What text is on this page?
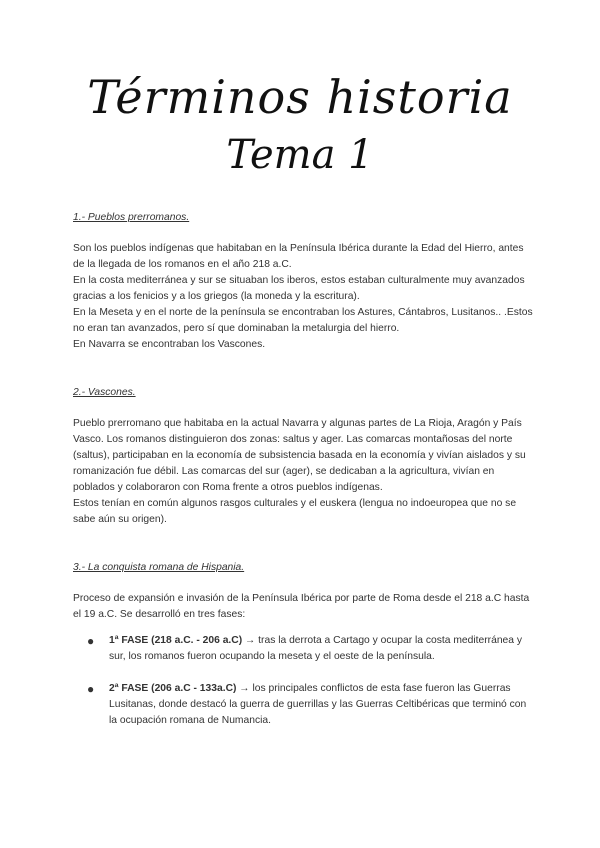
Términos historia
Tema 1

1.- Pueblos prerromanos.

Son los pueblos indígenas que habitaban en la Península Ibérica durante la Edad del Hierro, antes de la llegada de los romanos en el año 218 a.C.

En la costa mediterránea y sur se situaban los iberos, estos estaban culturalmente muy avanzados gracias a los fenicios y a los griegos (la moneda y la escritura).

En la Meseta y en el norte de la península se encontraban los Astures, Cántabros, Lusitanos.. .Estos no eran tan avanzados, pero sí que dominaban la metalurgia del hierro.

En Navarra se encontraban los Vascones.

2.- Vascones.

Pueblo prerromano que habitaba en la actual Navarra y algunas partes de La Rioja, Aragón y País Vasco. Los romanos distinguieron dos zonas: saltus y ager. Las comarcas montañosas del norte (saltus), participaban en la economía de subsistencia basada en la economía y vivían aislados y su romanización fue débil. Las comarcas del sur (ager), se dedicaban a la agricultura, vivían en poblados y colaboraron con Roma frente a otros pueblos indígenas.

Estos tenían en común algunos rasgos culturales y el euskera (lengua no indoeuropea que no se sabe aún su origen).

3.- La conquista romana de Hispania.

Proceso de expansión e invasión de la Península Ibérica por parte de Roma desde el 218 a.C hasta el 19 a.C. Se desarrolló en tres fases:

● 1ª FASE (218 a.C. - 206 a.C) → tras la derrota a Cartago y ocupar la costa mediterránea y sur, los romanos fueron ocupando la meseta y el oeste de la península.
● 2ª FASE (206 a.C - 133a.C) → los principales conflictos de esta fase fueron las Guerras Lusitanas, donde destacó la guerra de guerrillas y las Guerras Celtibéricas que terminó con la ocupación romana de Numancia.
